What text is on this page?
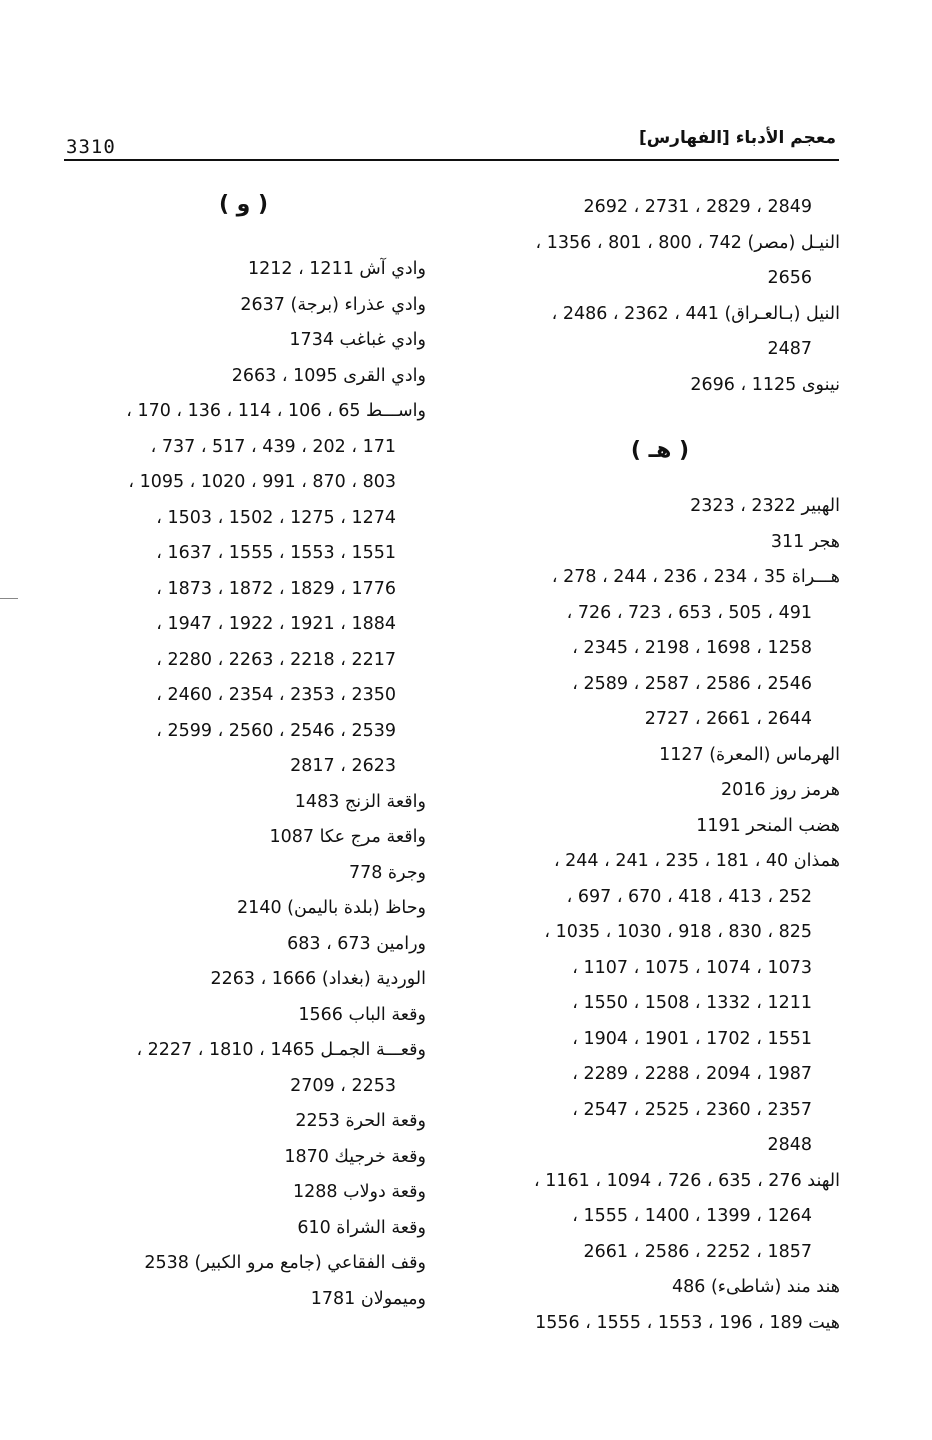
3310	معجم الأدباء [الفهارس]
2849 ، 2829 ، 2731 ، 2692
النيـل (مصر) 742 ، 800 ، 801 ، 1356 ،
2656
النيل (بـالعـراق) 441 ، 2362 ، 2486 ،
2487
نينوى 1125 ، 2696
( هـ )
الهبير 2322 ، 2323
هجر 311
هـــراة 35 ، 234 ، 236 ، 244 ، 278 ،
491 ، 505 ، 653 ، 723 ، 726 ،
1258 ، 1698 ، 2198 ، 2345 ،
2546 ، 2586 ، 2587 ، 2589 ،
2644 ، 2661 ، 2727
الهرماس (المعرة) 1127
هرمز روز 2016
هضب المنحر 1191
همذان 40 ، 181 ، 235 ، 241 ، 244 ،
252 ، 413 ، 418 ، 670 ، 697 ،
825 ، 830 ، 918 ، 1030 ، 1035 ،
1073 ، 1074 ، 1075 ، 1107 ،
1211 ، 1332 ، 1508 ، 1550 ،
1551 ، 1702 ، 1901 ، 1904 ،
1987 ، 2094 ، 2288 ، 2289 ،
2357 ، 2360 ، 2525 ، 2547 ،
2848
الهند 276 ، 635 ، 726 ، 1094 ، 1161 ،
1264 ، 1399 ، 1400 ، 1555 ،
1857 ، 2252 ، 2586 ، 2661
هند مند (شاطىء) 486
هيت 189 ، 196 ، 1553 ، 1555 ، 1556
( و )
وادي آش 1211 ، 1212
وادي عذراء (برجة) 2637
وادي غباغب 1734
وادي القرى 1095 ، 2663
واســـط 65 ، 106 ، 114 ، 136 ، 170 ،
171 ، 202 ، 439 ، 517 ، 737 ،
803 ، 870 ، 991 ، 1020 ، 1095 ،
1274 ، 1275 ، 1502 ، 1503 ،
1551 ، 1553 ، 1555 ، 1637 ،
1776 ، 1829 ، 1872 ، 1873 ،
1884 ، 1921 ، 1922 ، 1947 ،
2217 ، 2218 ، 2263 ، 2280 ،
2350 ، 2353 ، 2354 ، 2460 ،
2539 ، 2546 ، 2560 ، 2599 ،
2623 ، 2817
واقعة الزنج 1483
واقعة مرج عكا 1087
وجرة 778
وحاظ (بلدة باليمن) 2140
ورامين 673 ، 683
الوردية (بغداد) 1666 ، 2263
وقعة الباب 1566
وقعـــة الجمـل 1465 ، 1810 ، 2227 ،
2253 ، 2709
وقعة الحرة 2253
وقعة خرجيك 1870
وقعة دولاب 1288
وقعة الشراة 610
وقف الفقاعي (جامع مرو الكبير) 2538
وميمولان 1781
